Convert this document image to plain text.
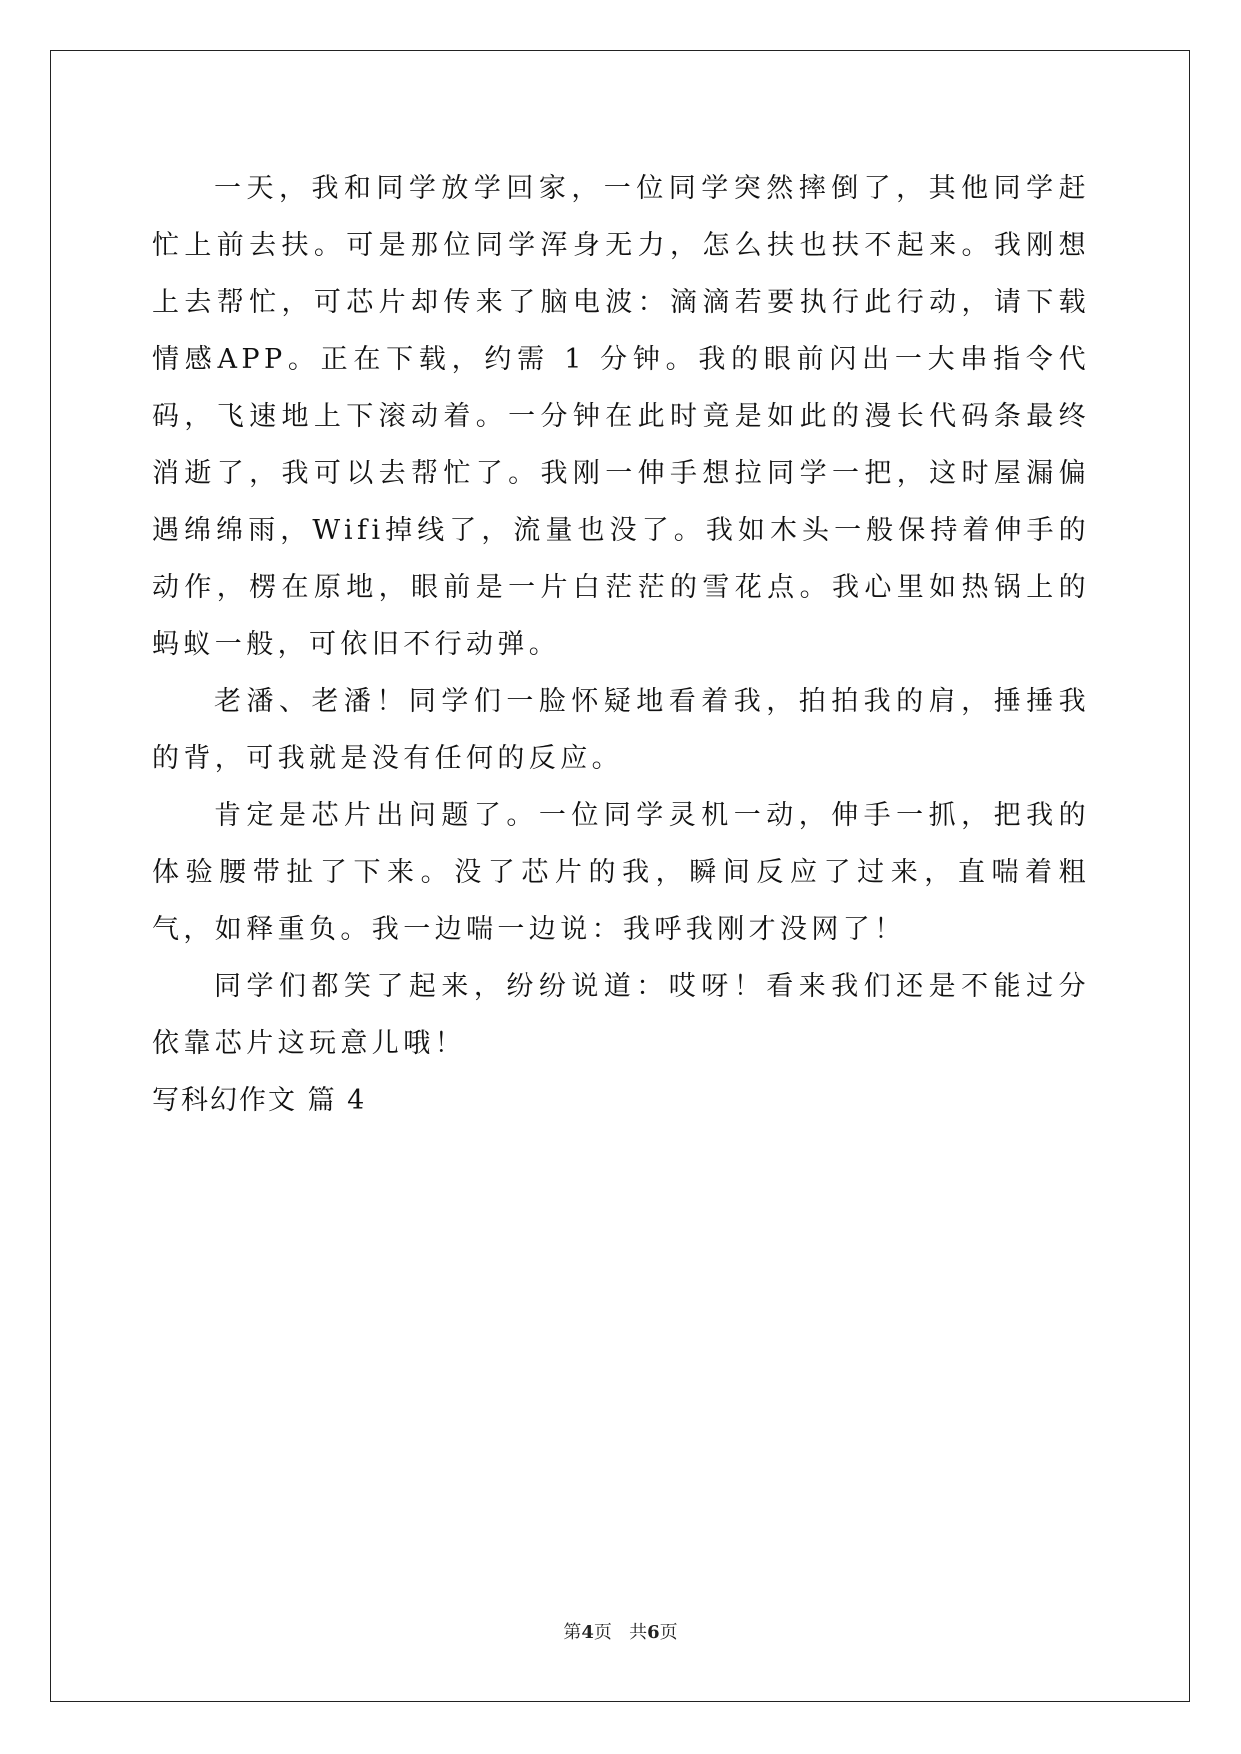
一天，我和同学放学回家，一位同学突然摔倒了，其他同学赶忙上前去扶。可是那位同学浑身无力，怎么扶也扶不起来。我刚想上去帮忙，可芯片却传来了脑电波：滴滴若要执行此行动，请下载情感APP。正在下载，约需 1 分钟。我的眼前闪出一大串指令代码，飞速地上下滚动着。一分钟在此时竟是如此的漫长代码条最终消逝了，我可以去帮忙了。我刚一伸手想拉同学一把，这时屋漏偏遇绵绵雨，Wifi掉线了，流量也没了。我如木头一般保持着伸手的动作，楞在原地，眼前是一片白茫茫的雪花点。我心里如热锅上的蚂蚁一般，可依旧不行动弹。

老潘、老潘！同学们一脸怀疑地看着我，拍拍我的肩，捶捶我的背，可我就是没有任何的反应。

肯定是芯片出问题了。一位同学灵机一动，伸手一抓，把我的体验腰带扯了下来。没了芯片的我，瞬间反应了过来，直喘着粗气，如释重负。我一边喘一边说：我呼我刚才没网了！

同学们都笑了起来，纷纷说道：哎呀！看来我们还是不能过分依靠芯片这玩意儿哦！

写科幻作文 篇 4

第4页   共6页
